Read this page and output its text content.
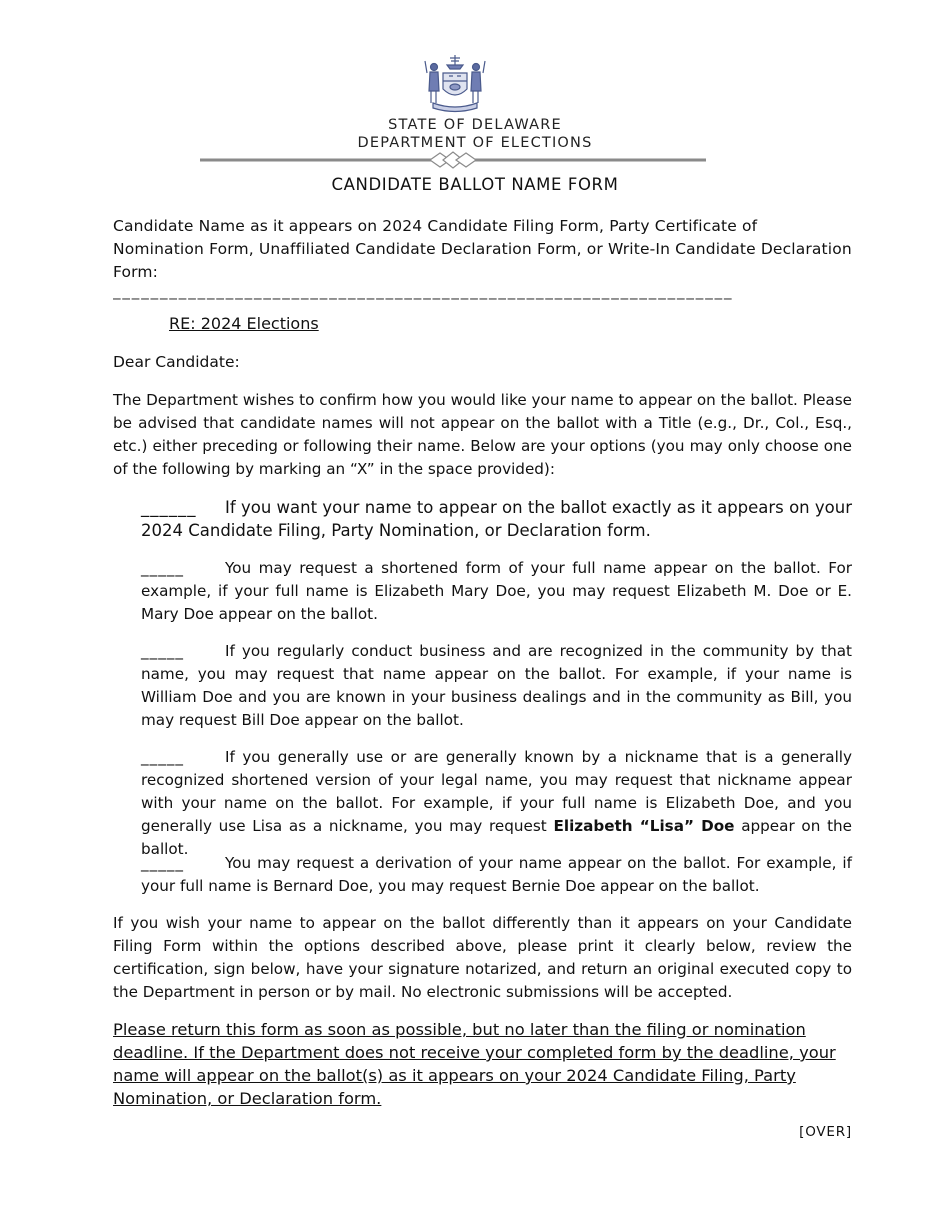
STATE OF DELAWARE
DEPARTMENT OF ELECTIONS
CANDIDATE BALLOT NAME FORM
Candidate Name as it appears on 2024 Candidate Filing Form, Party Certificate of Nomination Form, Unaffiliated Candidate Declaration Form, or Write-In Candidate Declaration Form:
__________________________________________________________________
RE: 2024 Elections
Dear Candidate:
The Department wishes to confirm how you would like your name to appear on the ballot. Please be advised that candidate names will not appear on the ballot with a Title (e.g., Dr., Col., Esq., etc.) either preceding or following their name. Below are your options (you may only choose one of the following by marking an “X” in the space provided):
______ If you want your name to appear on the ballot exactly as it appears on your 2024 Candidate Filing, Party Nomination, or Declaration form.
_____	You may request a shortened form of your full name appear on the ballot. For example, if your full name is Elizabeth Mary Doe, you may request Elizabeth M. Doe or E. Mary Doe appear on the ballot.
_____	If you regularly conduct business and are recognized in the community by that name, you may request that name appear on the ballot. For example, if your name is William Doe and you are known in your business dealings and in the community as Bill, you may request Bill Doe appear on the ballot.
_____	If you generally use or are generally known by a nickname that is a generally recognized shortened version of your legal name, you may request that nickname appear with your name on the ballot. For example, if your full name is Elizabeth Doe, and you generally use Lisa as a nickname, you may request Elizabeth “Lisa” Doe appear on the ballot.
_____	You may request a derivation of your name appear on the ballot. For example, if your full name is Bernard Doe, you may request Bernie Doe appear on the ballot.
If you wish your name to appear on the ballot differently than it appears on your Candidate Filing Form within the options described above, please print it clearly below, review the certification, sign below, have your signature notarized, and return an original executed copy to the Department in person or by mail. No electronic submissions will be accepted.
Please return this form as soon as possible, but no later than the filing or nomination deadline. If the Department does not receive your completed form by the deadline, your name will appear on the ballot(s) as it appears on your 2024 Candidate Filing, Party Nomination, or Declaration form.
[OVER]
